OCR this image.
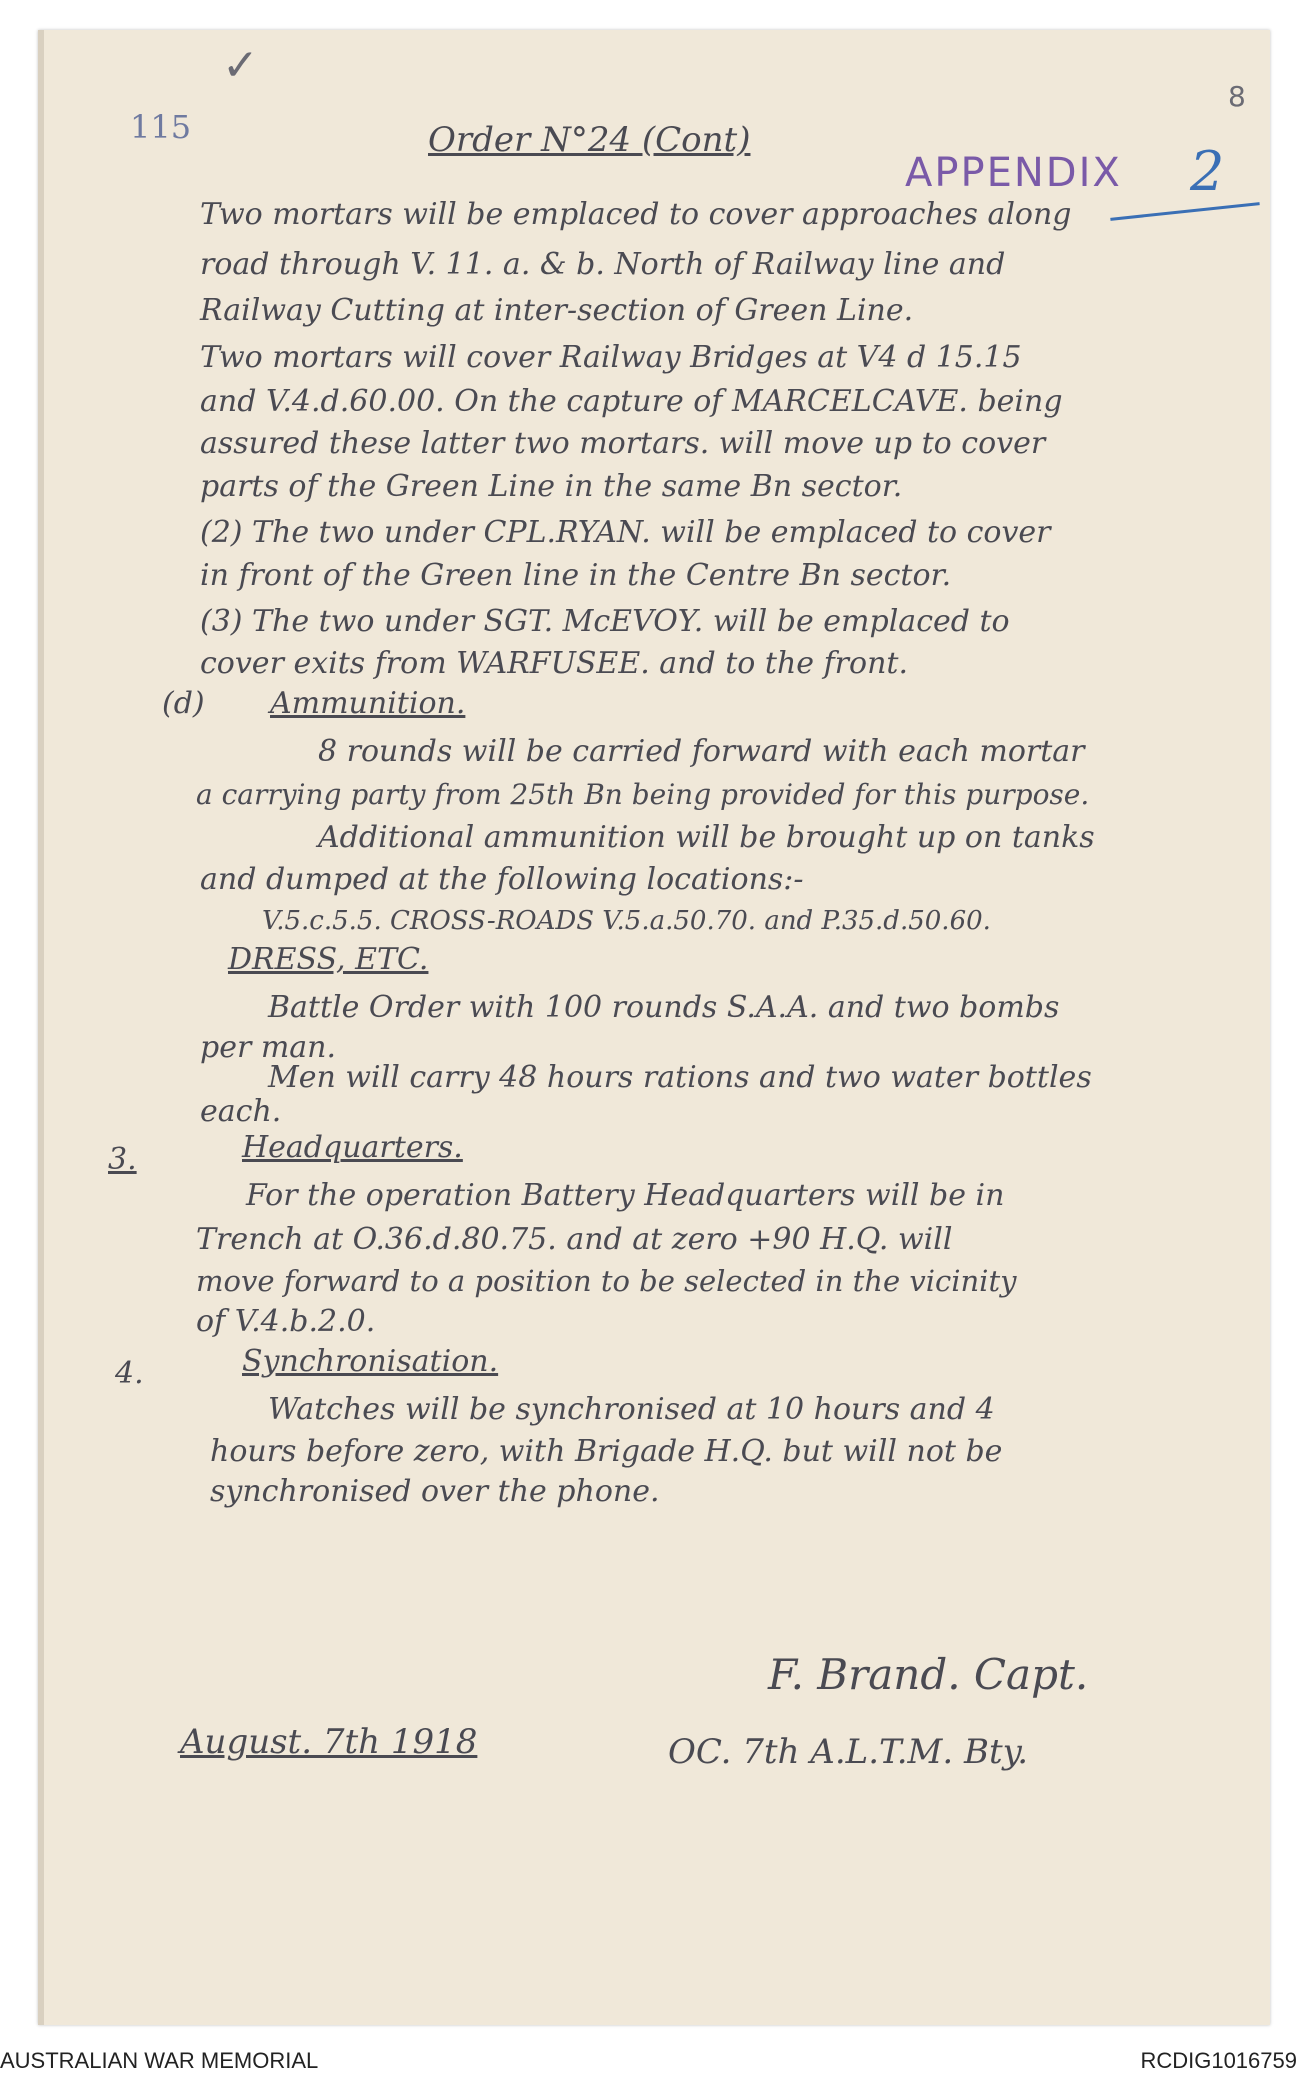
✓
115
8
APPENDIX 2
Order N°24 (Cont)
Two mortars will be emplaced to cover approaches along
road through V. 11. a. & b. North of Railway line and
Railway Cutting at inter-section of Green Line.
Two mortars will cover Railway Bridges at V4 d 15.15
and V.4.d.60.00. On the capture of MARCELCAVE. being
assured these latter two mortars. will move up to cover
parts of the Green Line in the same Bn sector.
(2) The two under CPL.RYAN. will be emplaced to cover
in front of the Green line in the Centre Bn sector.
(3) The two under SGT. McEVOY. will be emplaced to
cover exits from WARFUSEE. and to the front.
(d) Ammunition.
8 rounds will be carried forward with each mortar
a carrying party from 25th Bn being provided for this purpose.
Additional ammunition will be brought up on tanks
and dumped at the following locations:-
V.5.c.5.5. CROSS-ROADS V.5.a.50.70. and P.35.d.50.60.
DRESS, ETC.
Battle Order with 100 rounds S.A.A. and two bombs
per man.
Men will carry 48 hours rations and two water bottles
each.
3.	Headquarters.
For the operation Battery Headquarters will be in
Trench at O.36.d.80.75. and at zero +90 H.Q. will
move forward to a position to be selected in the vicinity
of V.4.b.2.0.
4.	Synchronisation.
Watches will be synchronised at 10 hours and 4
hours before zero, with Brigade H.Q. but will not be
synchronised over the phone.
F. Brand. Capt.
August. 7th 1918	OC. 7th A.L.T.M. Bty.
AUSTRALIAN WAR MEMORIAL	RCDIG1016759
